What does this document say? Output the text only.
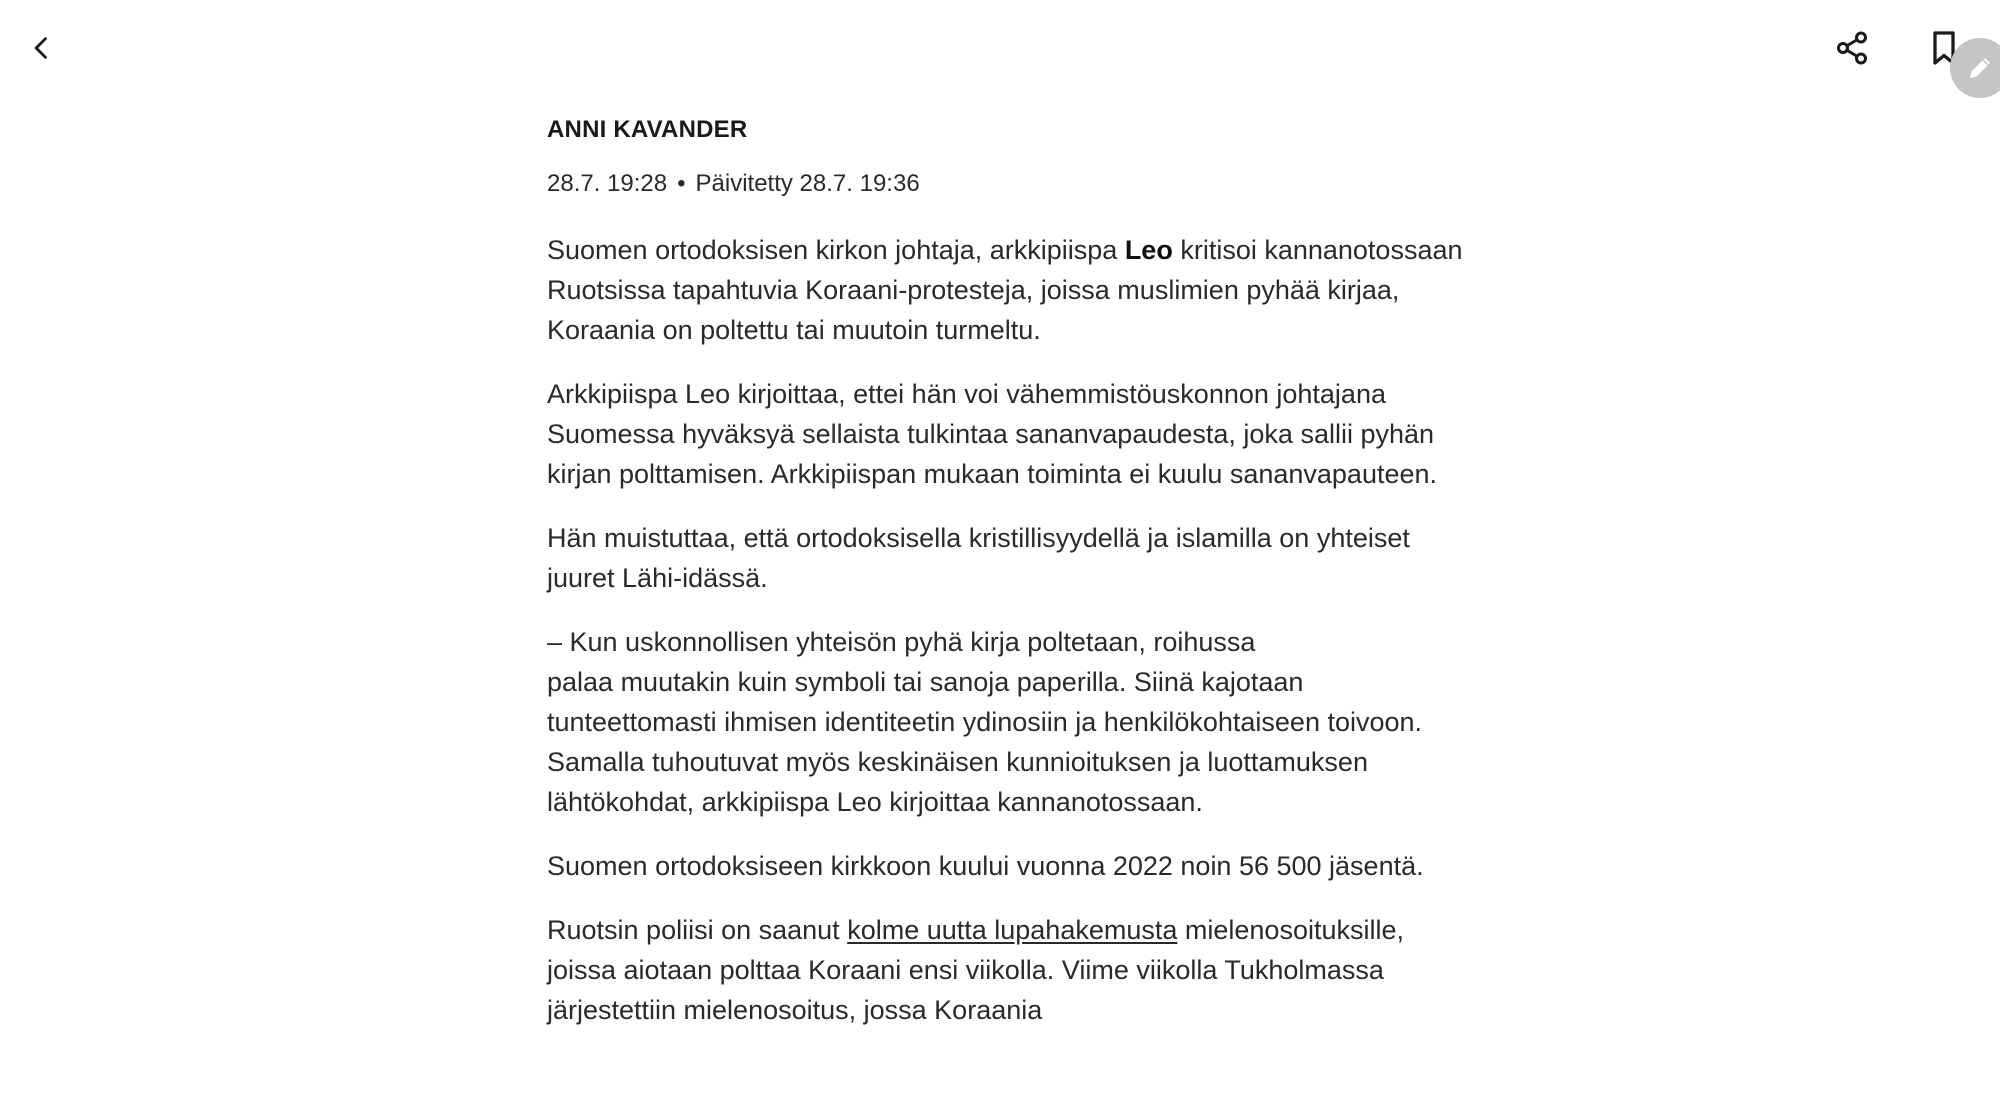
ANNI KAVANDER
28.7. 19:28 • Päivitetty 28.7. 19:36

Suomen ortodoksisen kirkon johtaja, arkkipiispa Leo kritisoi kannanotossaan Ruotsissa tapahtuvia Koraani-protesteja, joissa muslimien pyhää kirjaa, Koraania on poltettu tai muutoin turmeltu.

Arkkipiispa Leo kirjoittaa, ettei hän voi vähemmistöuskonnon johtajana Suomessa hyväksyä sellaista tulkintaa sananvapaudesta, joka sallii pyhän kirjan polttamisen. Arkkipiispan mukaan toiminta ei kuulu sananvapauteen.

Hän muistuttaa, että ortodoksisella kristillisyydellä ja islamilla on yhteiset juuret Lähi-idässä.

– Kun uskonnollisen yhteisön pyhä kirja poltetaan, roihussa
palaa muutakin kuin symboli tai sanoja paperilla. Siinä kajotaan tunteettomasti ihmisen identiteetin ydinosiin ja henkilökohtaiseen toivoon. Samalla tuhoutuvat myös keskinäisen kunnioituksen ja luottamuksen lähtökohdat, arkkipiispa Leo kirjoittaa kannanotossaan.

Suomen ortodoksiseen kirkkoon kuului vuonna 2022 noin 56 500 jäsentä.

Ruotsin poliisi on saanut kolme uutta lupahakemusta mielenosoituksille, joissa aiotaan polttaa Koraani ensi viikolla. Viime viikolla Tukholmassa järjestettiin mielenosoitus, jossa Koraania
